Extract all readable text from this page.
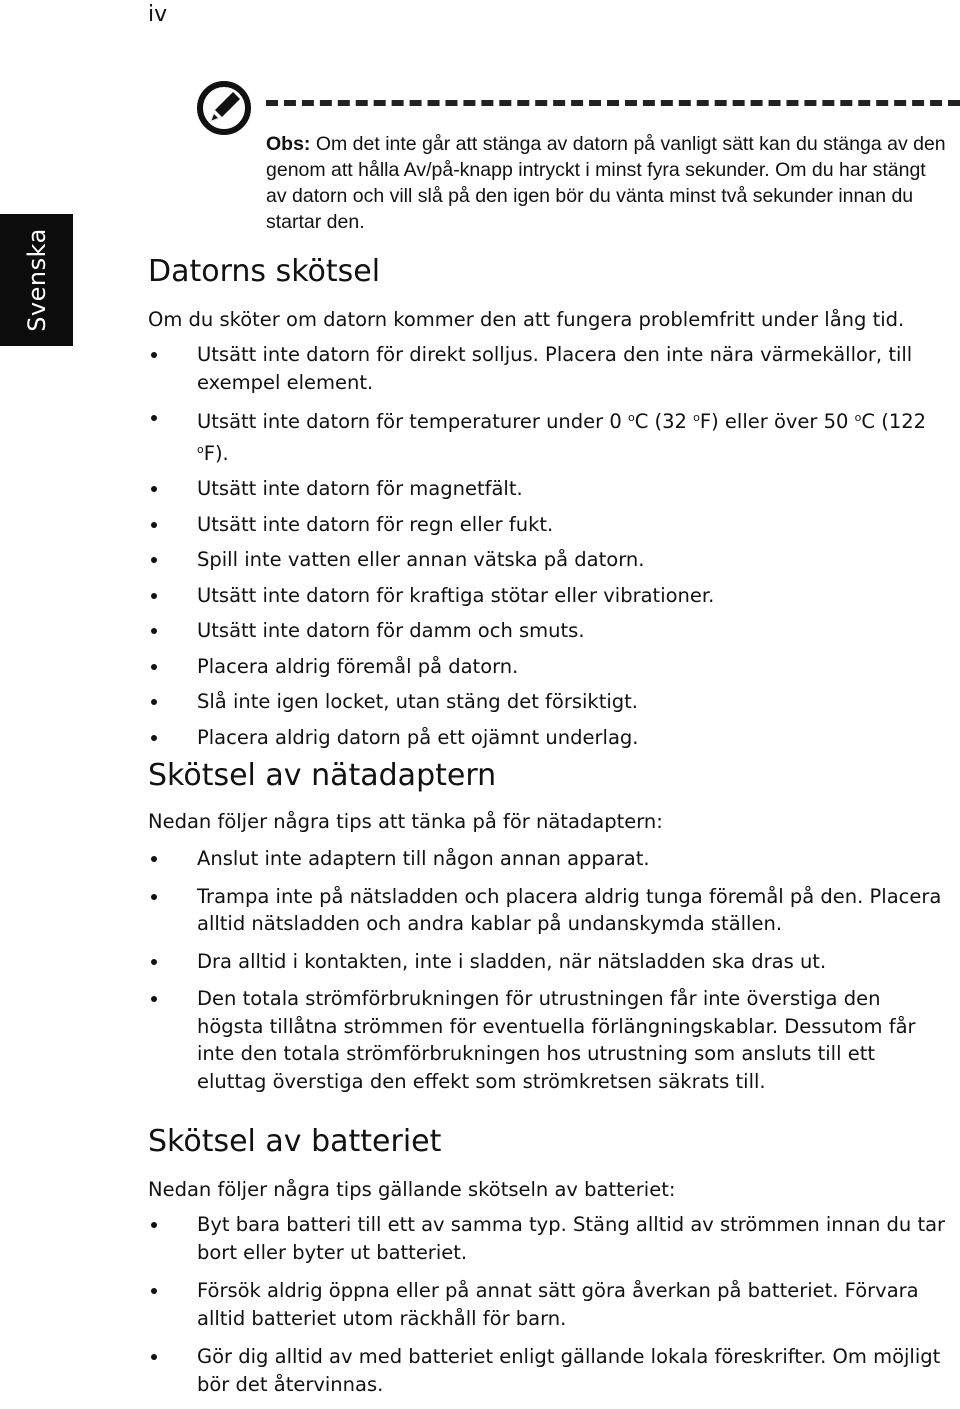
iv
Svenska
Obs: Om det inte går att stänga av datorn på vanligt sätt kan du stänga av den genom att hålla Av/på-knapp intryckt i minst fyra sekunder. Om du har stängt av datorn och vill slå på den igen bör du vänta minst två sekunder innan du startar den.
Datorns skötsel

Om du sköter om datorn kommer den att fungera problemfritt under lång tid.

Utsätt inte datorn för direkt solljus. Placera den inte nära värmekällor, till exempel element.
Utsätt inte datorn för temperaturer under 0 $^o$C (32 $^o$F) eller över 50 $^o$C (122 $^o$F).
Utsätt inte datorn för magnetfält.
Utsätt inte datorn för regn eller fukt.
Spill inte vatten eller annan vätska på datorn.
Utsätt inte datorn för kraftiga stötar eller vibrationer.
Utsätt inte datorn för damm och smuts.
Placera aldrig föremål på datorn.
Slå inte igen locket, utan stäng det försiktigt.
Placera aldrig datorn på ett ojämnt underlag.
Skötsel av nätadaptern

Nedan följer några tips att tänka på för nätadaptern:

Anslut inte adaptern till någon annan apparat.
Trampa inte på nätsladden och placera aldrig tunga föremål på den. Placera alltid nätsladden och andra kablar på undanskymda ställen.
Dra alltid i kontakten, inte i sladden, när nätsladden ska dras ut.
Den totala strömförbrukningen för utrustningen får inte överstiga den högsta tillåtna strömmen för eventuella förlängningskablar. Dessutom får inte den totala strömförbrukningen hos utrustning som ansluts till ett eluttag överstiga den effekt som strömkretsen säkrats till.
Skötsel av batteriet

Nedan följer några tips gällande skötseln av batteriet:

Byt bara batteri till ett av samma typ. Stäng alltid av strömmen innan du tar bort eller byter ut batteriet.
Försök aldrig öppna eller på annat sätt göra åverkan på batteriet. Förvara alltid batteriet utom räckhåll för barn.
Gör dig alltid av med batteriet enligt gällande lokala föreskrifter. Om möjligt bör det återvinnas.
